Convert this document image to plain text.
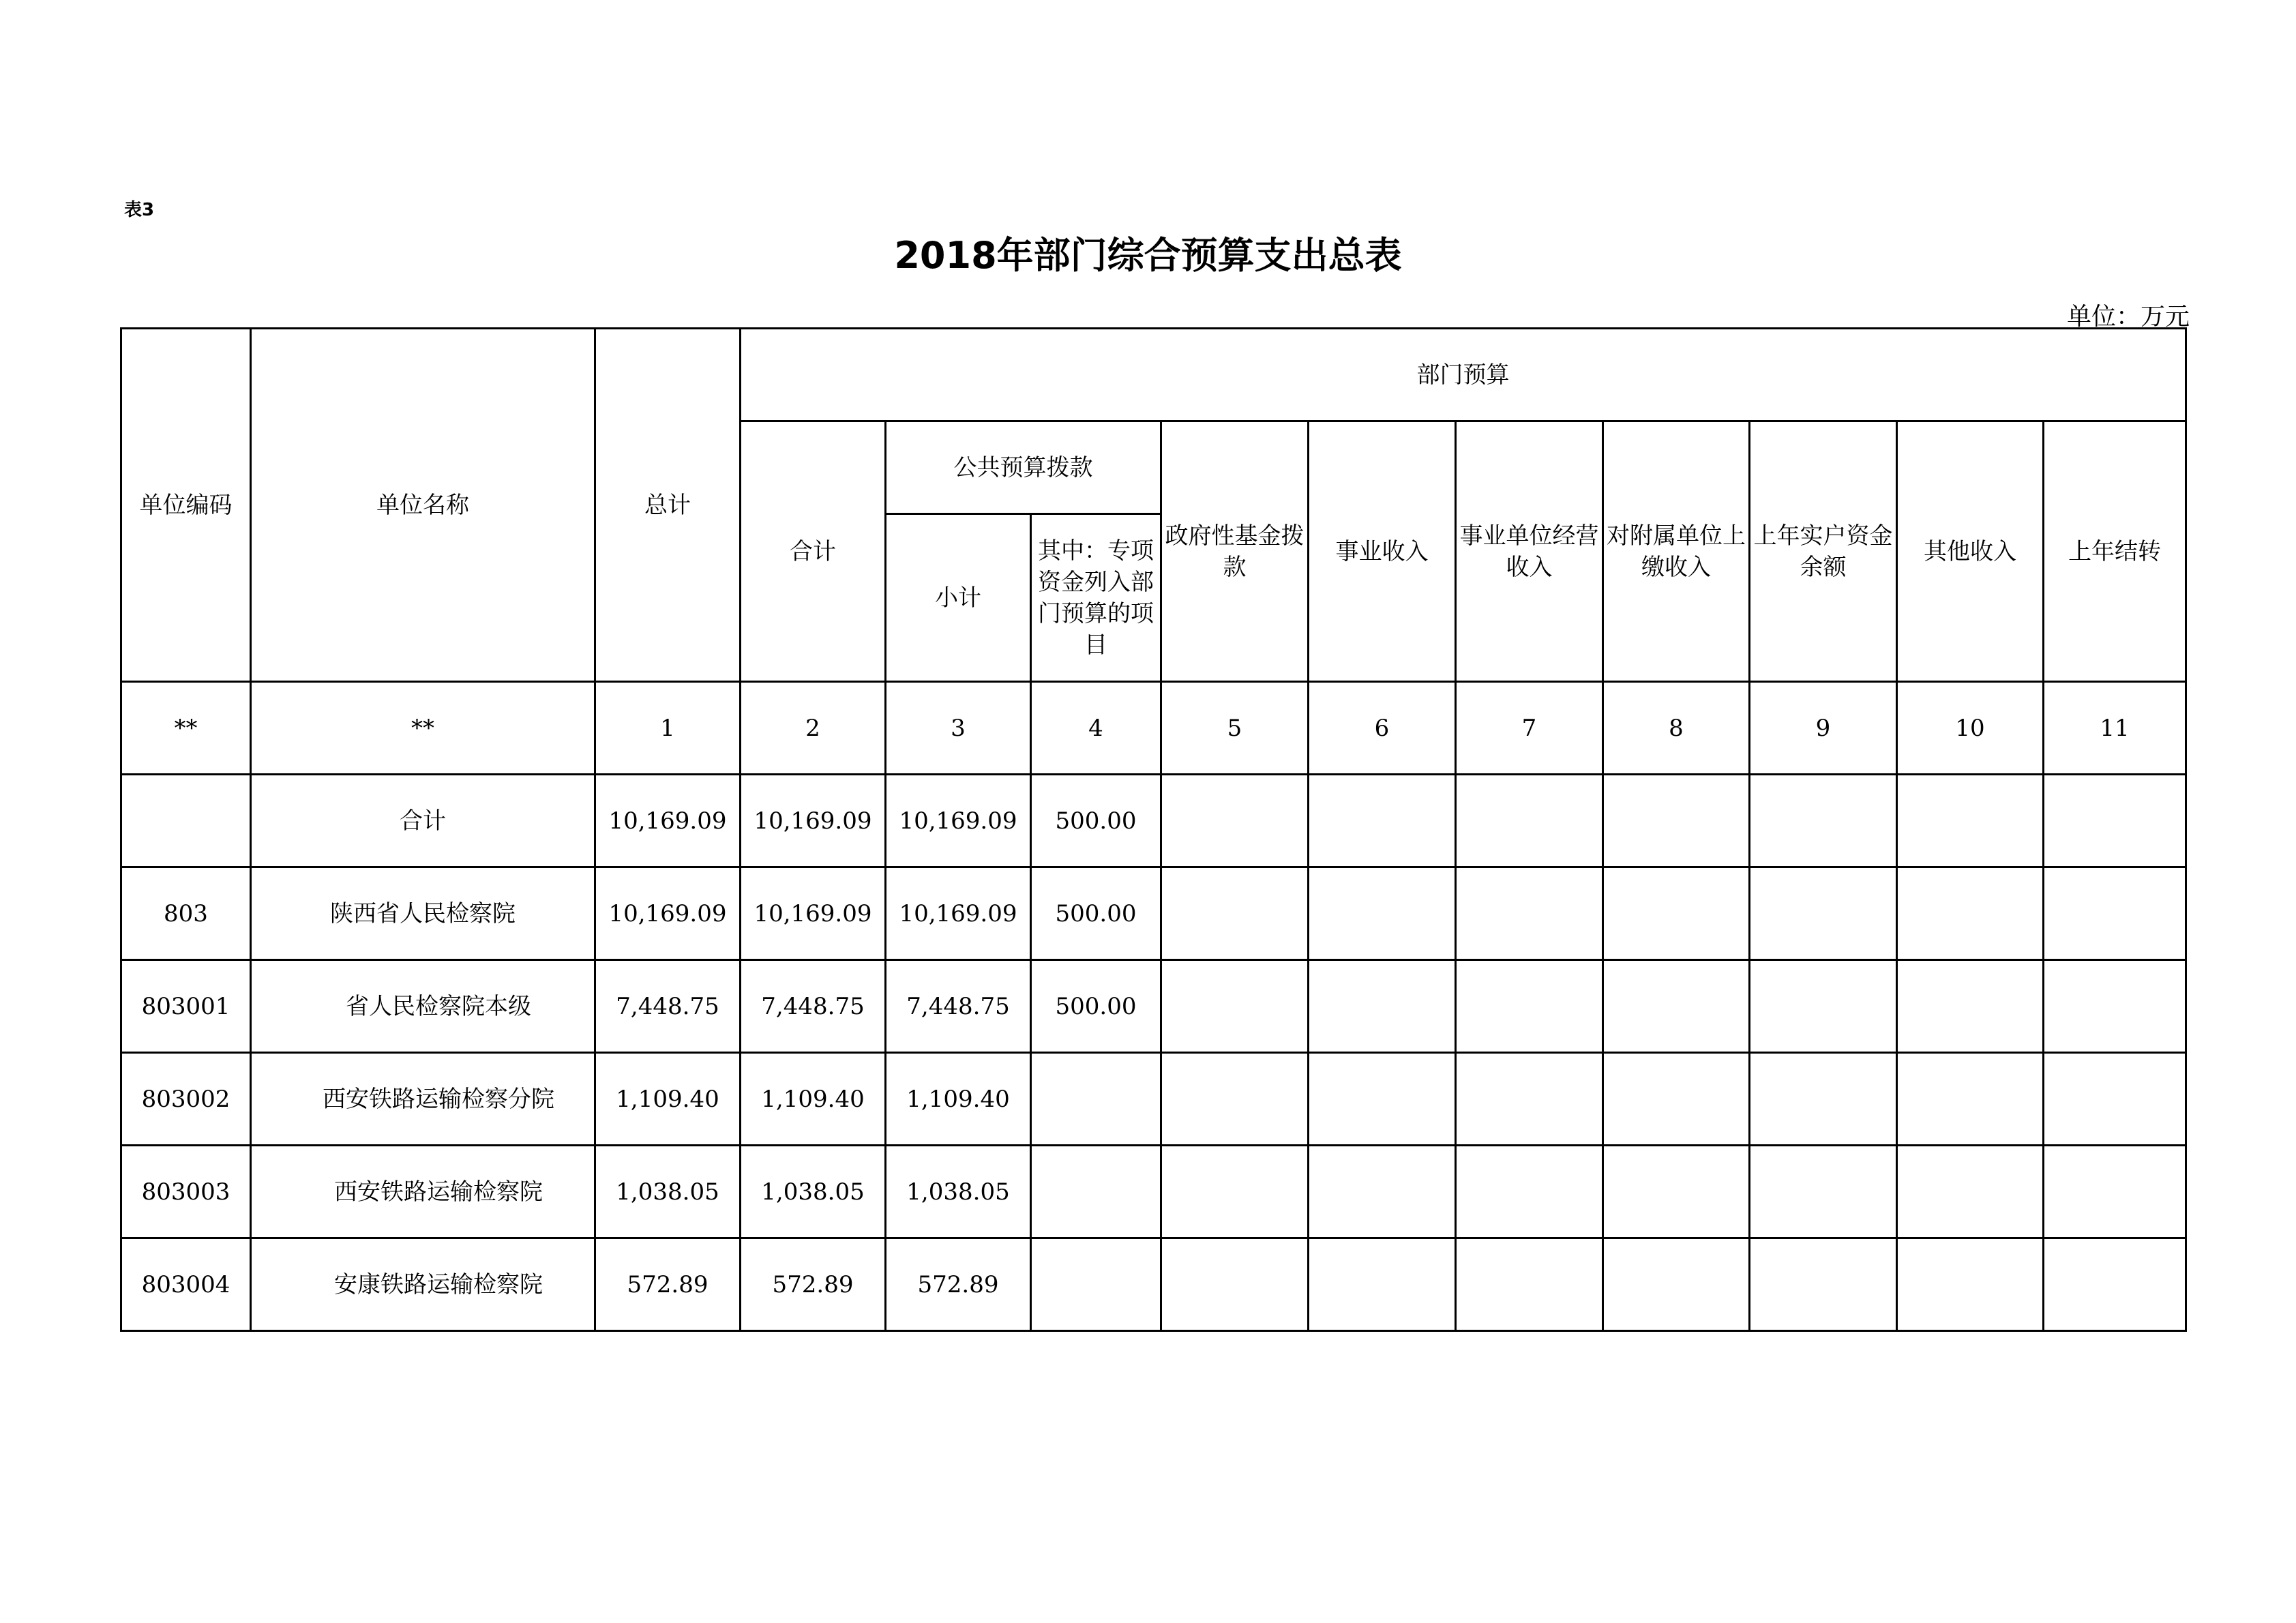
表3
2018年部门综合预算支出总表
单位：万元
单位编码	单位名称	总计	部门预算									
			合计	公共预算拨款		政府性基金拨款	事业收入	事业单位经营收入	对附属单位上缴收入	上年实户资金余额	其他收入	上年结转
				小计	其中：专项资金列入部门预算的项目							
**	**	1	2	3	4	5	6	7	8	9	10	11
	合计	10,169.09	10,169.09	10,169.09	500.00							
803	陕西省人民检察院	10,169.09	10,169.09	10,169.09	500.00							
803001	省人民检察院本级	7,448.75	7,448.75	7,448.75	500.00							
803002	西安铁路运输检察分院	1,109.40	1,109.40	1,109.40								
803003	西安铁路运输检察院	1,038.05	1,038.05	1,038.05								
803004	安康铁路运输检察院	572.89	572.89	572.89								
